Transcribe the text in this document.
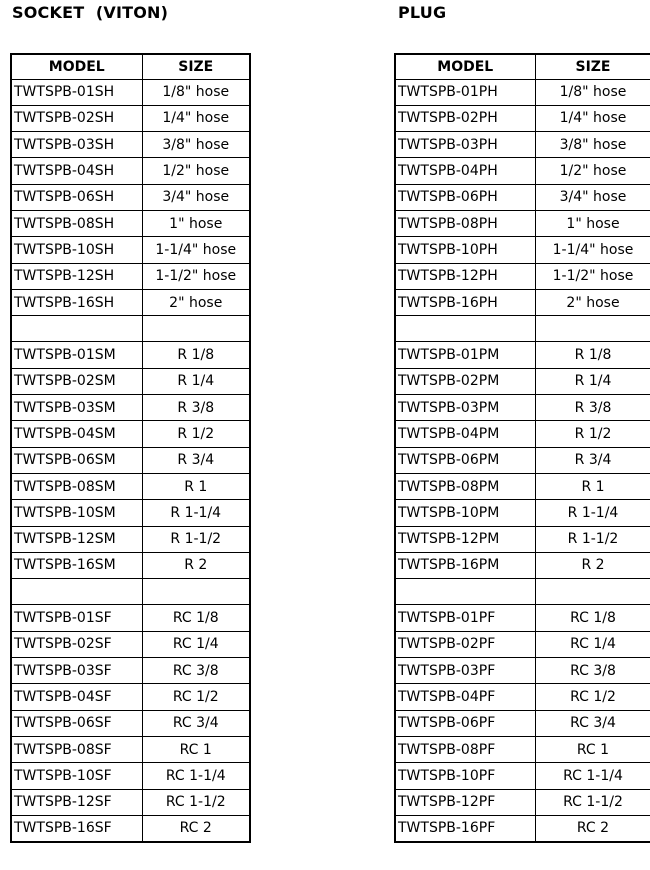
SOCKET  (VITON)	PLUG
MODEL	SIZE
TWTSPB-01SH	1/8" hose
TWTSPB-02SH	1/4" hose
TWTSPB-03SH	3/8" hose
TWTSPB-04SH	1/2" hose
TWTSPB-06SH	3/4" hose
TWTSPB-08SH	1" hose
TWTSPB-10SH	1-1/4" hose
TWTSPB-12SH	1-1/2" hose
TWTSPB-16SH	2" hose

TWTSPB-01SM	R 1/8
TWTSPB-02SM	R 1/4
TWTSPB-03SM	R 3/8
TWTSPB-04SM	R 1/2
TWTSPB-06SM	R 3/4
TWTSPB-08SM	R 1
TWTSPB-10SM	R 1-1/4
TWTSPB-12SM	R 1-1/2
TWTSPB-16SM	R 2

TWTSPB-01SF	RC 1/8
TWTSPB-02SF	RC 1/4
TWTSPB-03SF	RC 3/8
TWTSPB-04SF	RC 1/2
TWTSPB-06SF	RC 3/4
TWTSPB-08SF	RC 1
TWTSPB-10SF	RC 1-1/4
TWTSPB-12SF	RC 1-1/2
TWTSPB-16SF	RC 2
MODEL	SIZE
TWTSPB-01PH	1/8" hose
TWTSPB-02PH	1/4" hose
TWTSPB-03PH	3/8" hose
TWTSPB-04PH	1/2" hose
TWTSPB-06PH	3/4" hose
TWTSPB-08PH	1" hose
TWTSPB-10PH	1-1/4" hose
TWTSPB-12PH	1-1/2" hose
TWTSPB-16PH	2" hose

TWTSPB-01PM	R 1/8
TWTSPB-02PM	R 1/4
TWTSPB-03PM	R 3/8
TWTSPB-04PM	R 1/2
TWTSPB-06PM	R 3/4
TWTSPB-08PM	R 1
TWTSPB-10PM	R 1-1/4
TWTSPB-12PM	R 1-1/2
TWTSPB-16PM	R 2

TWTSPB-01PF	RC 1/8
TWTSPB-02PF	RC 1/4
TWTSPB-03PF	RC 3/8
TWTSPB-04PF	RC 1/2
TWTSPB-06PF	RC 3/4
TWTSPB-08PF	RC 1
TWTSPB-10PF	RC 1-1/4
TWTSPB-12PF	RC 1-1/2
TWTSPB-16PF	RC 2
